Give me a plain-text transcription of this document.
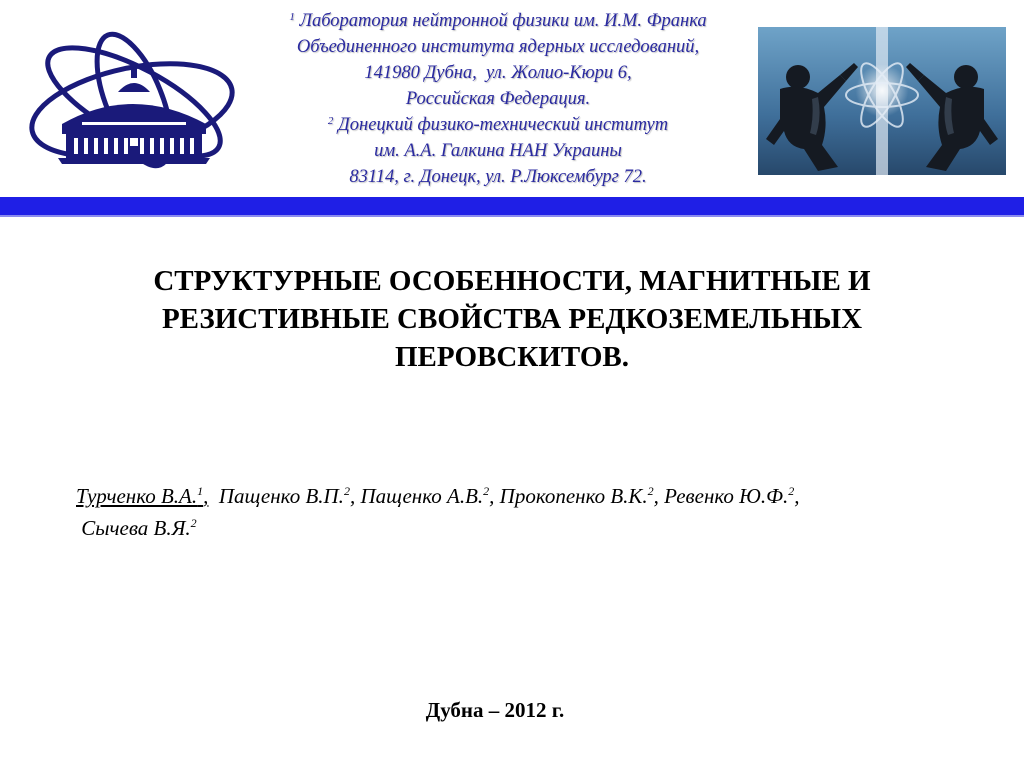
$^1$ Лаборатория нейтронной физики им. И.М. Франка
Объединенного института ядерных исследований,
141980 Дубна,  ул. Жолио-Кюри 6,
Российская Федерация.
$^2$ Донецкий физико-технический институт
им. А.А. Галкина НАН Украины
83114, г. Донецк, ул. Р.Люксембург 72.
СТРУКТУРНЫЕ ОСОБЕННОСТИ, МАГНИТНЫЕ И
РЕЗИСТИВНЫЕ СВОЙСТВА РЕДКОЗЕМЕЛЬНЫХ
ПЕРОВСКИТОВ.
Турченко В.А.$^1$,  Пащенко В.П.$^2$, Пащенко А.В.$^2$, Прокопенко В.К.$^2$, Ревенко Ю.Ф.$^2$,
Сычева В.Я.$^2$
Дубна – 2012 г.
